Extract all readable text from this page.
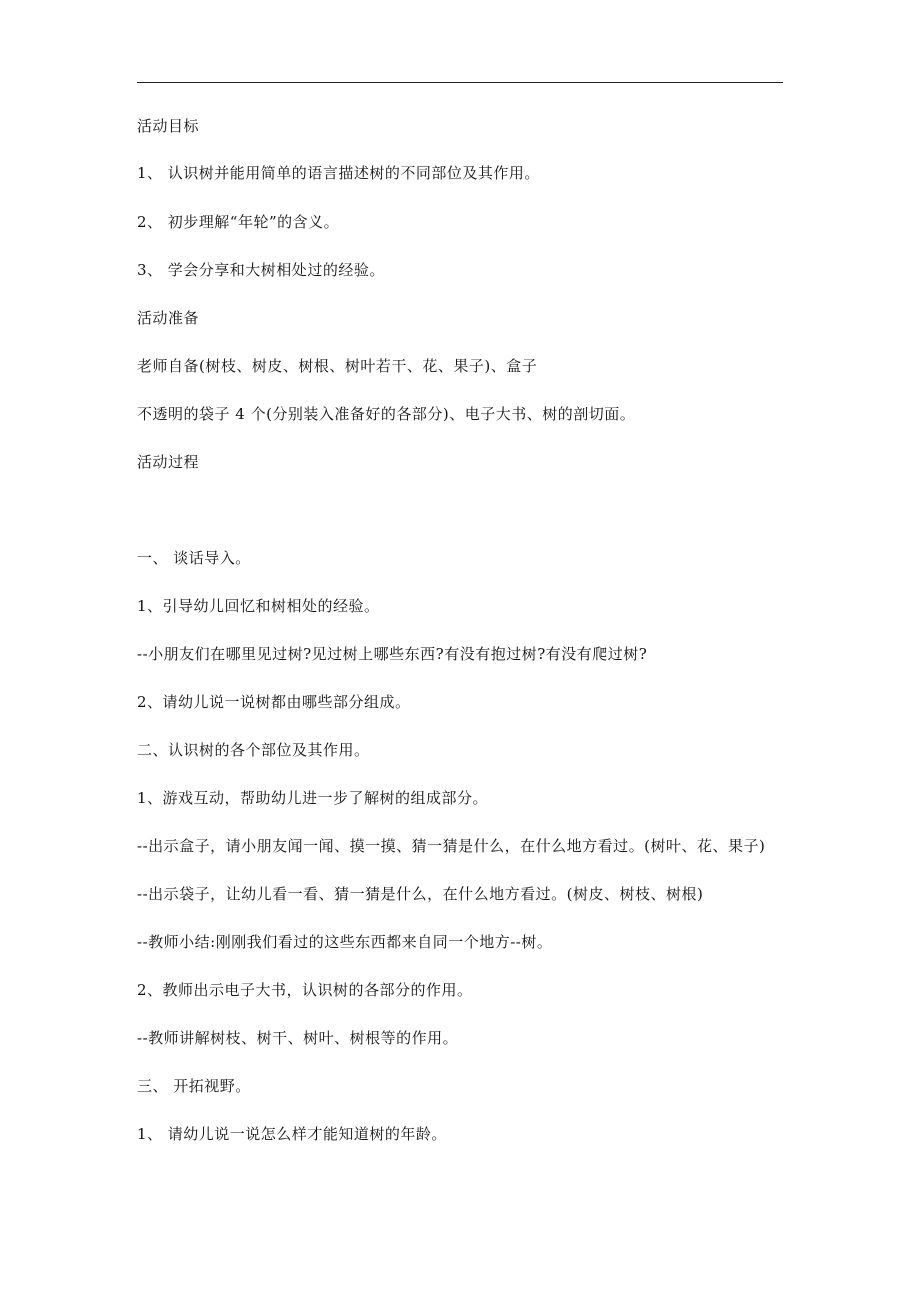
活动目标
1、 认识树并能用简单的语言描述树的不同部位及其作用。
2、 初步理解“年轮”的含义。
3、 学会分享和大树相处过的经验。
活动准备
老师自备(树枝、树皮、树根、树叶若干、花、果子)、盒子
不透明的袋子 4 个(分别装入准备好的各部分)、电子大书、树的剖切面。
活动过程
一、 谈话导入。
1、引导幼儿回忆和树相处的经验。
--小朋友们在哪里见过树?见过树上哪些东西?有没有抱过树?有没有爬过树?
2、请幼儿说一说树都由哪些部分组成。
二、认识树的各个部位及其作用。
1、游戏互动，帮助幼儿进一步了解树的组成部分。
--出示盒子，请小朋友闻一闻、摸一摸、猜一猜是什么，在什么地方看过。(树叶、花、果子)
--出示袋子，让幼儿看一看、猜一猜是什么，在什么地方看过。(树皮、树枝、树根)
--教师小结:刚刚我们看过的这些东西都来自同一个地方--树。
2、教师出示电子大书，认识树的各部分的作用。
--教师讲解树枝、树干、树叶、树根等的作用。
三、 开拓视野。
1、 请幼儿说一说怎么样才能知道树的年龄。
